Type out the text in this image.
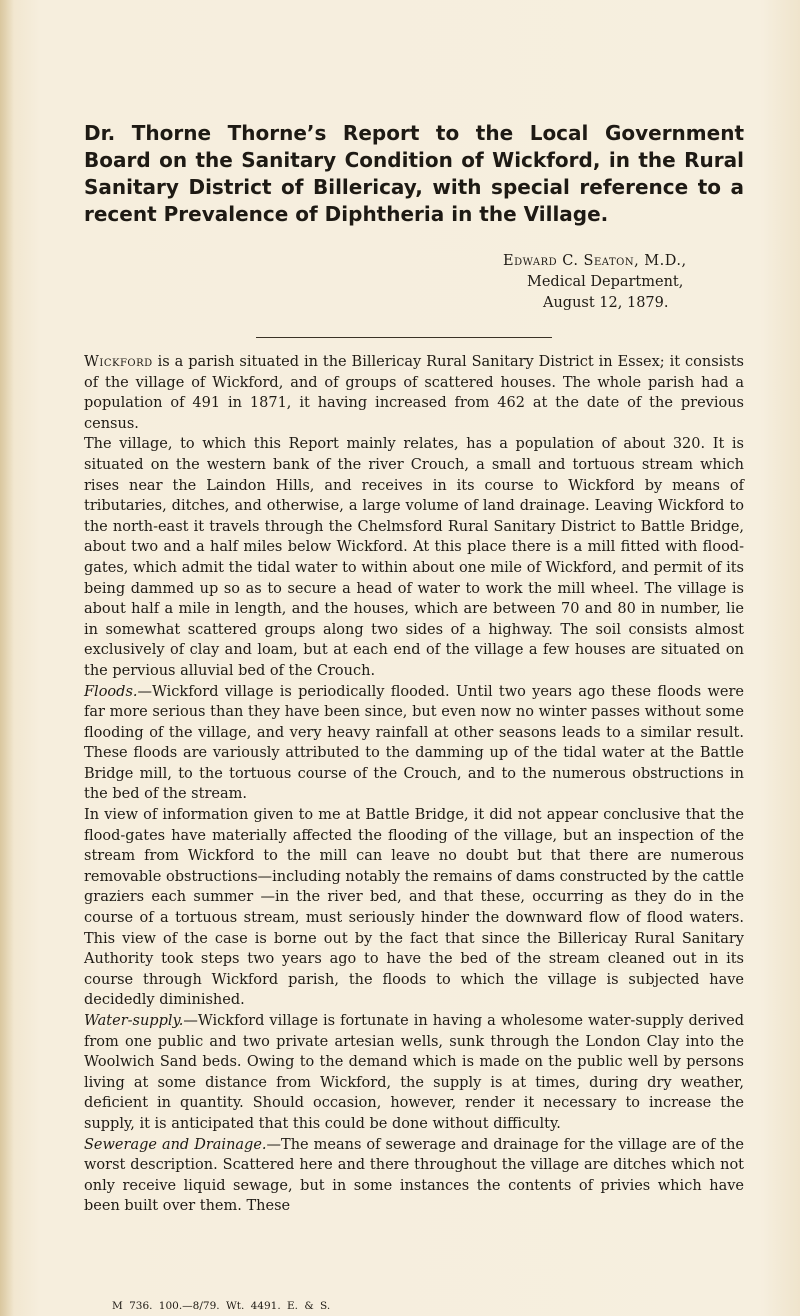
Dr. Thorne Thorne’s Report to the Local Government Board on the Sanitary Condition of Wickford, in the Rural Sanitary District of Billericay, with special reference to a recent Prevalence of Diphtheria in the Village.
Edward C. Seaton, M.D.,
Medical Department,
August 12, 1879.

Wickford is a parish situated in the Billericay Rural Sanitary District in Essex; it consists of the village of Wickford, and of groups of scattered houses. The whole parish had a population of 491 in 1871, it having increased from 462 at the date of the previous census.

The village, to which this Report mainly relates, has a population of about 320. It is situated on the western bank of the river Crouch, a small and tortuous stream which rises near the Laindon Hills, and receives in its course to Wickford by means of tributaries, ditches, and otherwise, a large volume of land drainage. Leaving Wickford to the north-east it travels through the Chelmsford Rural Sanitary District to Battle Bridge, about two and a half miles below Wickford. At this place there is a mill fitted with flood-gates, which admit the tidal water to within about one mile of Wickford, and permit of its being dammed up so as to secure a head of water to work the mill wheel. The village is about half a mile in length, and the houses, which are between 70 and 80 in number, lie in somewhat scattered groups along two sides of a highway. The soil consists almost exclusively of clay and loam, but at each end of the village a few houses are situated on the pervious alluvial bed of the Crouch.

Floods.—Wickford village is periodically flooded. Until two years ago these floods were far more serious than they have been since, but even now no winter passes without some flooding of the village, and very heavy rainfall at other seasons leads to a similar result. These floods are variously attributed to the damming up of the tidal water at the Battle Bridge mill, to the tortuous course of the Crouch, and to the numerous obstructions in the bed of the stream.

In view of information given to me at Battle Bridge, it did not appear conclusive that the flood-gates have materially affected the flooding of the village, but an inspection of the stream from Wickford to the mill can leave no doubt but that there are numerous removable obstructions—including notably the remains of dams constructed by the cattle graziers each summer —in the river bed, and that these, occurring as they do in the course of a tortuous stream, must seriously hinder the downward flow of flood waters. This view of the case is borne out by the fact that since the Billericay Rural Sanitary Authority took steps two years ago to have the bed of the stream cleaned out in its course through Wickford parish, the floods to which the village is subjected have decidedly diminished.

Water-supply.—Wickford village is fortunate in having a wholesome water-supply derived from one public and two private artesian wells, sunk through the London Clay into the Woolwich Sand beds. Owing to the demand which is made on the public well by persons living at some distance from Wickford, the supply is at times, during dry weather, deficient in quantity. Should occasion, however, render it necessary to increase the supply, it is anticipated that this could be done without difficulty.

Sewerage and Drainage.—The means of sewerage and drainage for the village are of the worst description. Scattered here and there throughout the village are ditches which not only receive liquid sewage, but in some instances the contents of privies which have been built over them. These

M 736. 100.—8/79. Wt. 4491. E. & S.
